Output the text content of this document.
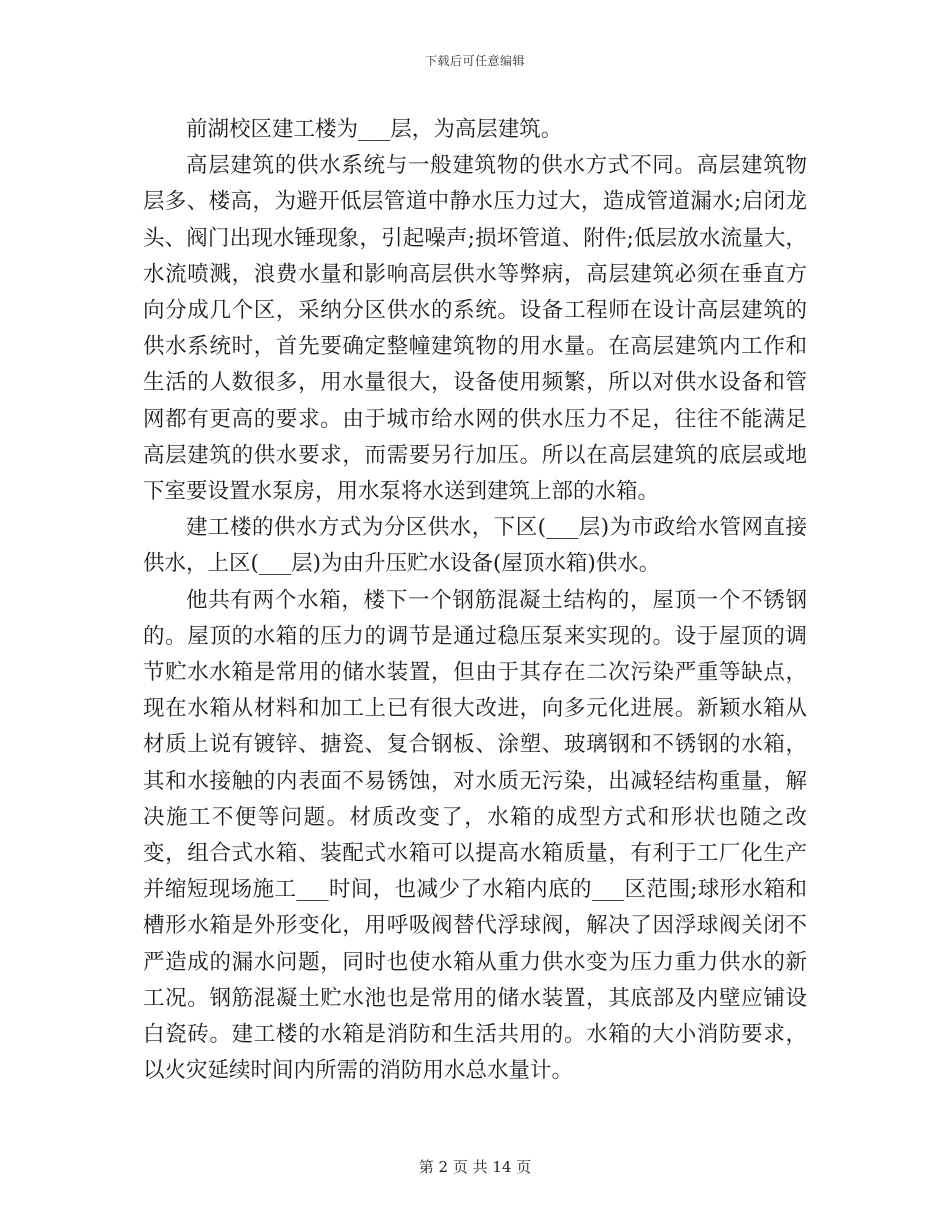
下载后可任意编辑

前湖校区建工楼为___层，为高层建筑。

高层建筑的供水系统与一般建筑物的供水方式不同。高层建筑物层多、楼高，为避开低层管道中静水压力过大，造成管道漏水;启闭龙头、阀门出现水锤现象，引起噪声;损坏管道、附件;低层放水流量大，水流喷溅，浪费水量和影响高层供水等弊病，高层建筑必须在垂直方向分成几个区，采纳分区供水的系统。设备工程师在设计高层建筑的供水系统时，首先要确定整幢建筑物的用水量。在高层建筑内工作和生活的人数很多，用水量很大，设备使用频繁，所以对供水设备和管网都有更高的要求。由于城市给水网的供水压力不足，往往不能满足高层建筑的供水要求，而需要另行加压。所以在高层建筑的底层或地下室要设置水泵房，用水泵将水送到建筑上部的水箱。

建工楼的供水方式为分区供水，下区(___层)为市政给水管网直接供水，上区(___层)为由升压贮水设备(屋顶水箱)供水。

他共有两个水箱，楼下一个钢筋混凝土结构的，屋顶一个不锈钢的。屋顶的水箱的压力的调节是通过稳压泵来实现的。设于屋顶的调节贮水水箱是常用的储水装置，但由于其存在二次污染严重等缺点，现在水箱从材料和加工上已有很大改进，向多元化进展。新颖水箱从材质上说有镀锌、搪瓷、复合钢板、涂塑、玻璃钢和不锈钢的水箱，其和水接触的内表面不易锈蚀，对水质无污染，出减轻结构重量，解决施工不便等问题。材质改变了，水箱的成型方式和形状也随之改变，组合式水箱、装配式水箱可以提高水箱质量，有利于工厂化生产并缩短现场施工___时间，也减少了水箱内底的___区范围;球形水箱和槽形水箱是外形变化，用呼吸阀替代浮球阀，解决了因浮球阀关闭不严造成的漏水问题，同时也使水箱从重力供水变为压力重力供水的新工况。钢筋混凝土贮水池也是常用的储水装置，其底部及内壁应铺设白瓷砖。建工楼的水箱是消防和生活共用的。水箱的大小消防要求，以火灾延续时间内所需的消防用水总水量计。

第 2 页 共 14 页
